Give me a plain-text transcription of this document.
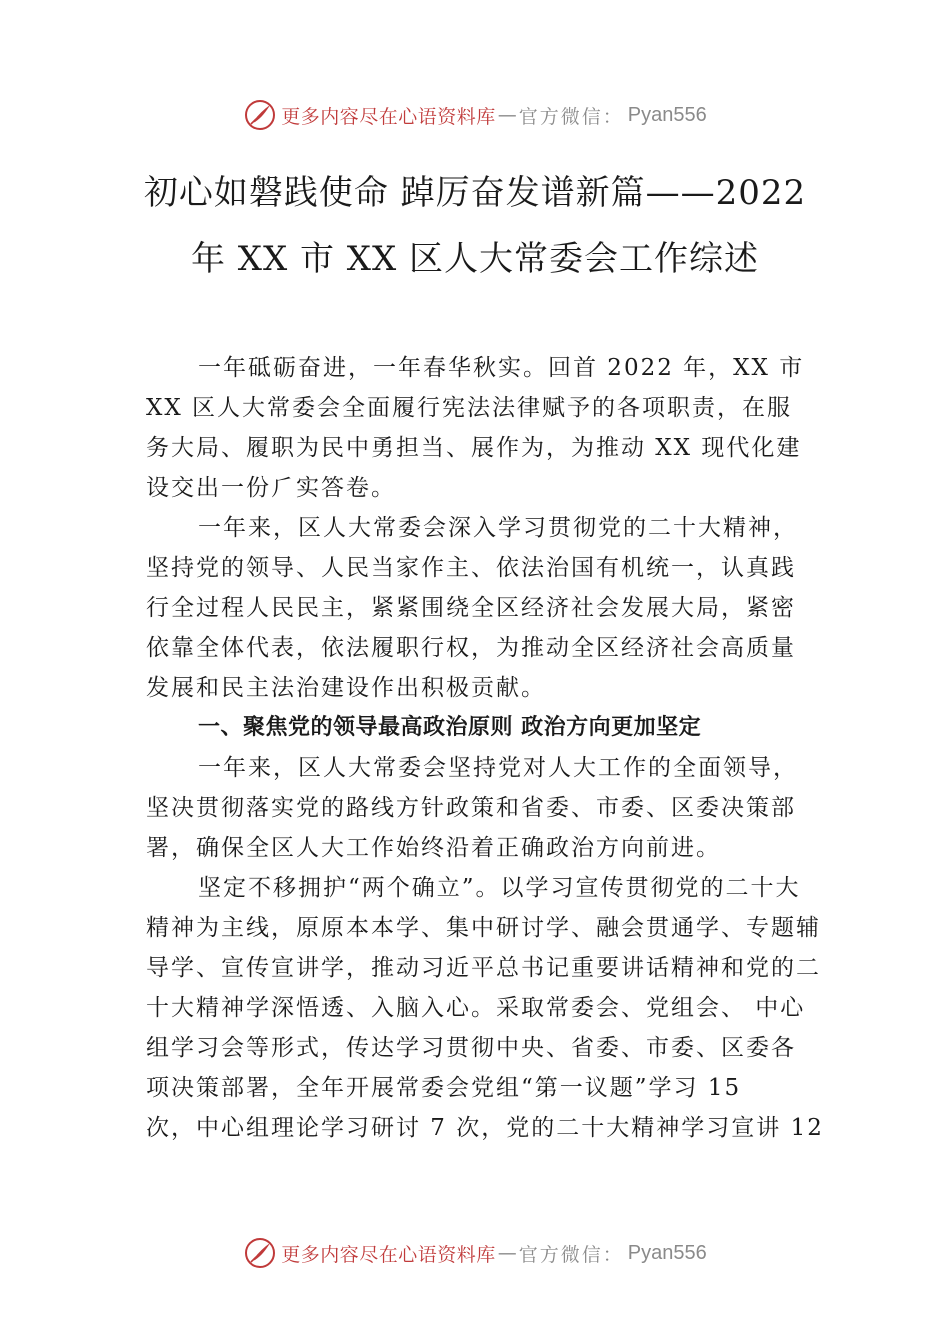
更多内容尽在心语资料库 — 官方微信： Pyan556
初心如磐践使命 踔厉奋发谱新篇——2022
年 XX 市 XX 区人大常委会工作综述

一年砥砺奋进，一年春华秋实。回首 2022 年，XX 市
XX 区人大常委会全面履行宪法法律赋予的各项职责，在服
务大局、履职为民中勇担当、展作为，为推动 XX 现代化建
设交出一份⺁实答卷。

一年来，区人大常委会深入学习贯彻党的二十大精神，
坚持党的领导、人民当家作主、依法治国有机统一，认真践
行全过程人民民主，紧紧围绕全区经济社会发展大局，紧密
依靠全体代表，依法履职行权，为推动全区经济社会高质量
发展和民主法治建设作出积极贡献。

一、聚焦党的领导最高政治原则 政治方向更加坚定

一年来，区人大常委会坚持党对人大工作的全面领导，
坚决贯彻落实党的路线方针政策和省委、市委、区委决策部
署，确保全区人大工作始终沿着正确政治方向前进。

坚定不移拥护“两个确立”。以学习宣传贯彻党的二十大
精神为主线，原原本本学、集中研讨学、融会贯通学、专题辅
导学、宣传宣讲学，推动习近平总书记重要讲话精神和党的二
十大精神学深悟透、入脑入心。采取常委会、党组会、 中心
组学习会等形式，传达学习贯彻中央、省委、市委、区委各
项决策部署，全年开展常委会党组“第一议题”学习 15
次，中心组理论学习研讨 7 次，党的二十大精神学习宣讲 12

更多内容尽在心语资料库 — 官方微信： Pyan556
